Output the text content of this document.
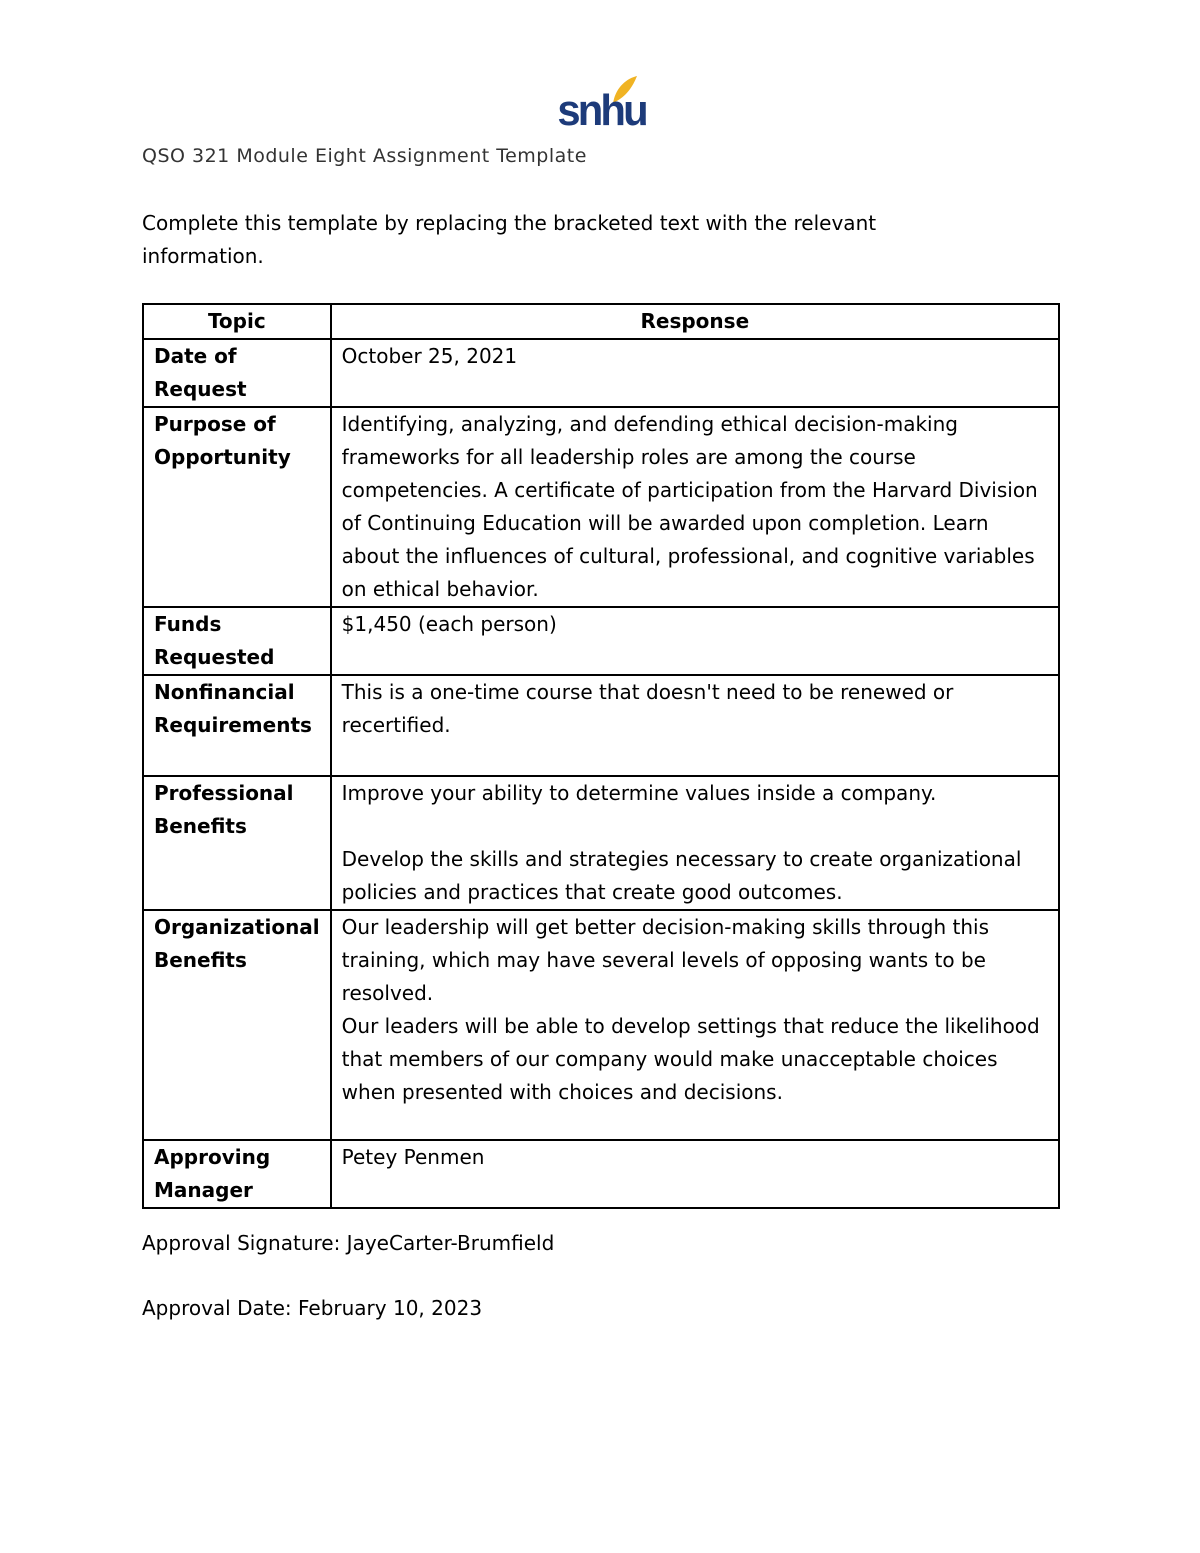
snhu
QSO 321 Module Eight Assignment Template
Complete this template by replacing the bracketed text with the relevant information.
Topic	Response
Date of Request	October 25, 2021

Purpose of Opportunity	Identifying, analyzing, and defending ethical decision-making frameworks for all leadership roles are among the course competencies. A certificate of participation from the Harvard Division of Continuing Education will be awarded upon completion. Learn about the influences of cultural, professional, and cognitive variables on ethical behavior.

Funds Requested	$1,450 (each person)

Nonfinancial Requirements	This is a one-time course that doesn't need to be renewed or recertified.

Professional Benefits	Improve your ability to determine values inside a company.

Develop the skills and strategies necessary to create organizational policies and practices that create good outcomes.

Organizational Benefits	Our leadership will get better decision-making skills through this training, which may have several levels of opposing wants to be resolved.

Our leaders will be able to develop settings that reduce the likelihood that members of our company would make unacceptable choices when presented with choices and decisions.

Approving Manager	Petey Penmen

Approval Signature: JayeCarter-Brumfield
Approval Date: February 10, 2023
